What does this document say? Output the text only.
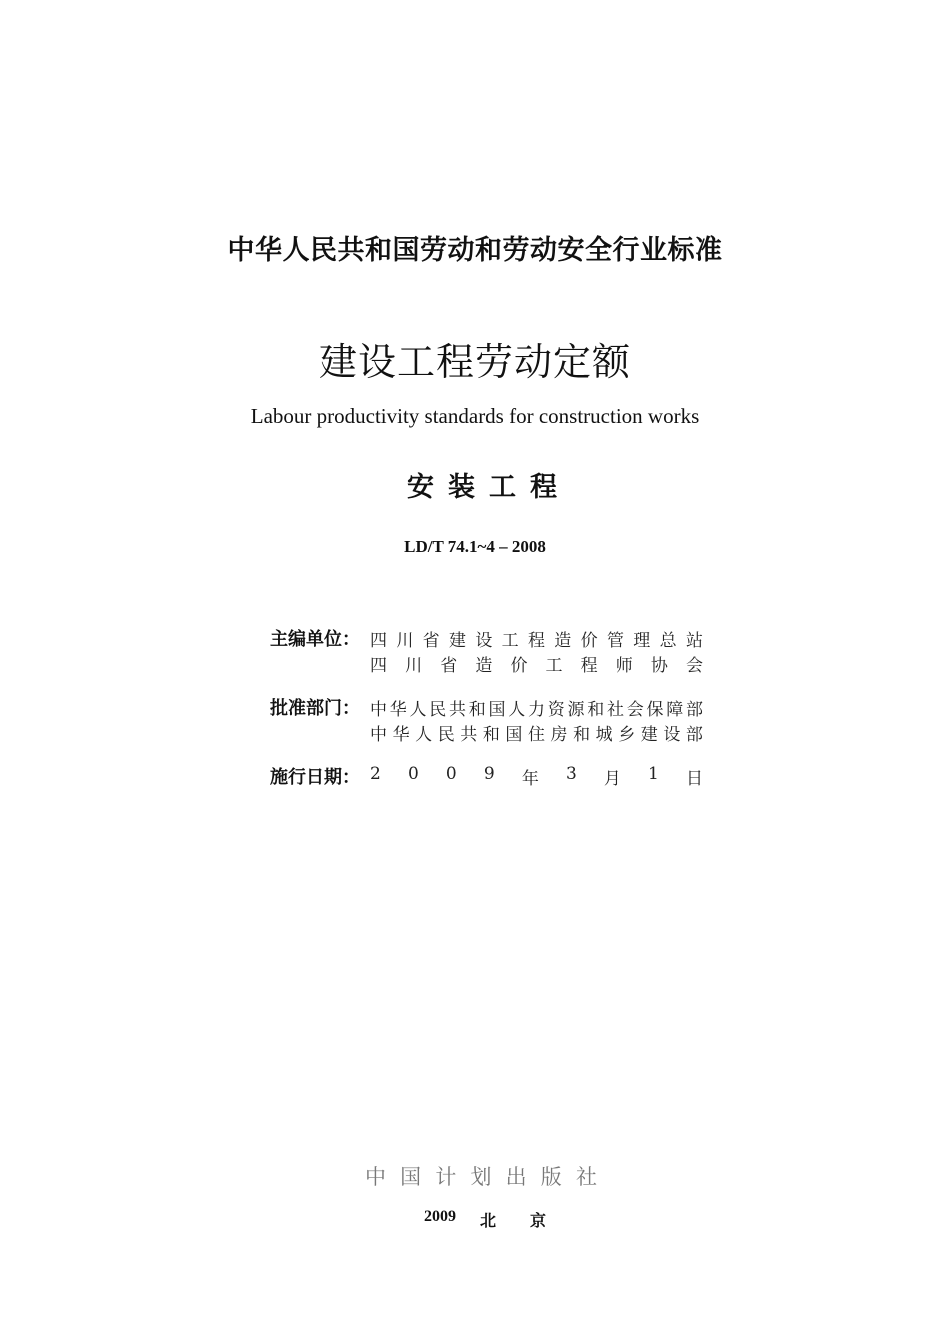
中华人民共和国劳动和劳动安全行业标准
建设工程劳动定额
Labour productivity standards for construction works
安装工程
LD/T 74.1~4 – 2008
主编单位： 四 川 省 建 设 工 程 造 价 管 理 总 站
四 川 省 造 价 工 程 师 协 会
批准部门： 中 华 人 民 共 和 国 人 力 资 源 和 社 会 保 障 部
中 华 人 民 共 和 国 住 房 和 城 乡 建 设 部
施行日期： 2 0 0 9 年 3 月 1 日
中 国 计 划 出 版 社
2009 北 京
